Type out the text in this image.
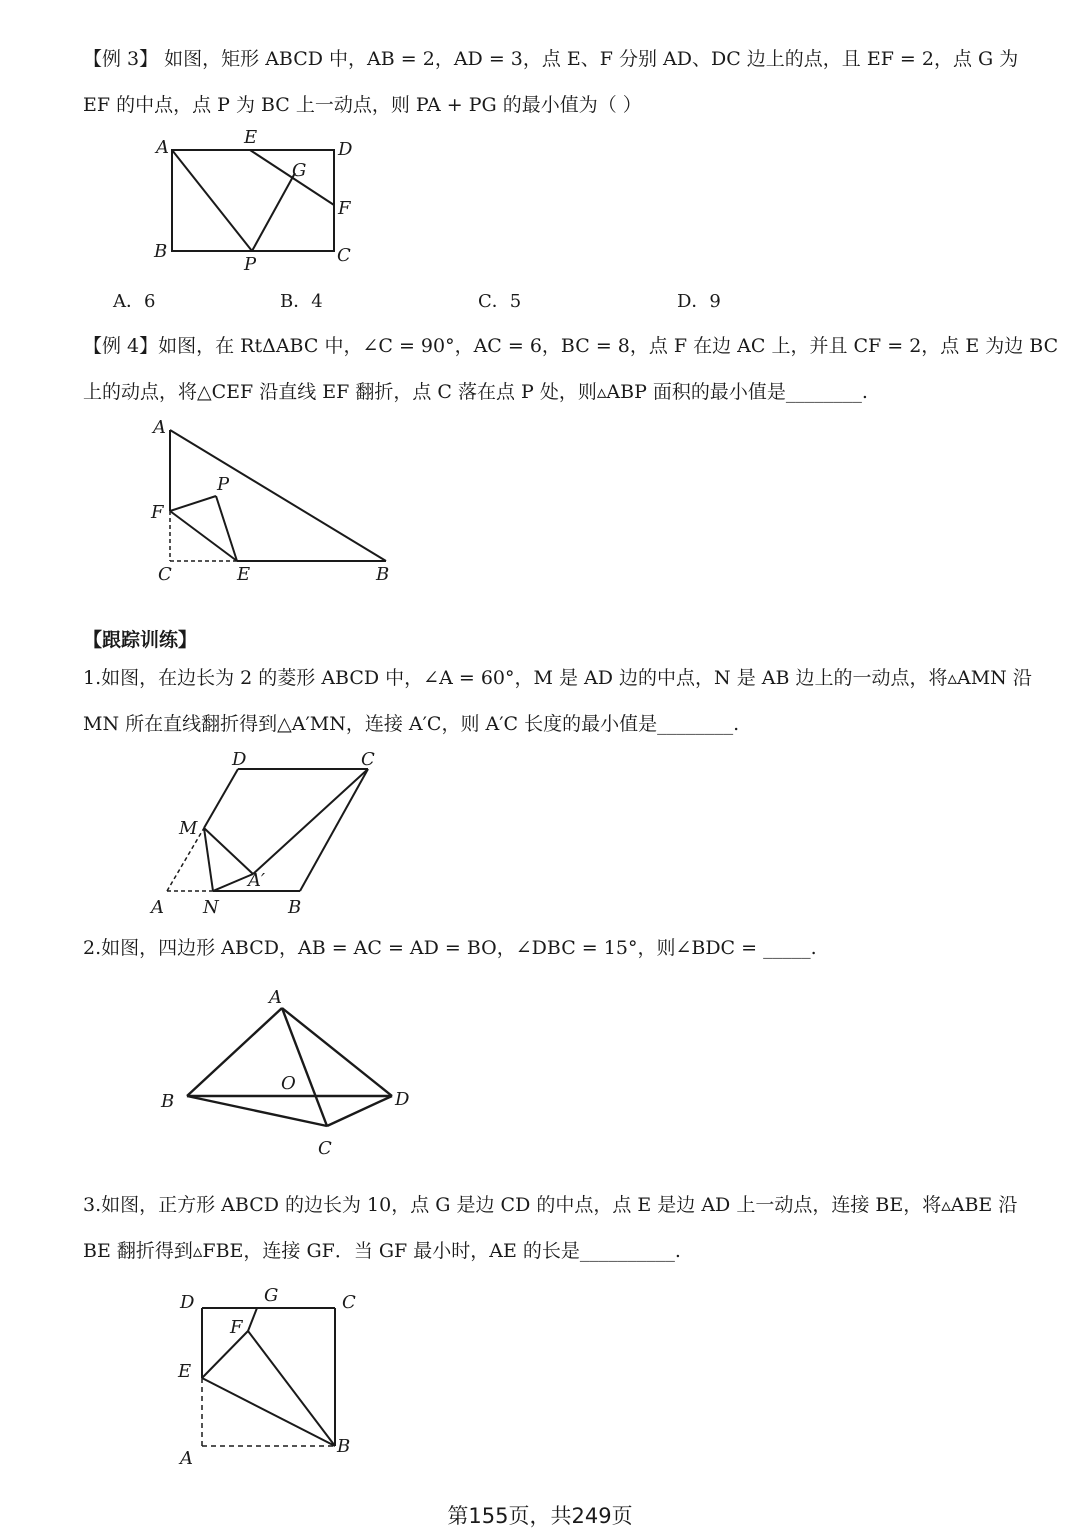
【例 3】 如图，矩形 ABCD 中，AB = 2，AD = 3，点 E、F 分别 AD、DC 边上的点，且 EF = 2，点 G 为
EF 的中点，点 P 为 BC 上一动点，则 PA + PG 的最小值为（ ）
A	E
D
G
F
B
P	C
A．6	B．4	C．5	D．9
【例 4】如图，在 RtΔABC 中，∠C = 90°，AC = 6，BC = 8，点 F 在边 AC 上，并且 CF = 2，点 E 为边 BC
上的动点，将△CEF 沿直线 EF 翻折，点 C 落在点 P 处，则▵ABP 面积的最小值是________.
A
P
F
C	E	B
【跟踪训练】
1.如图，在边长为 2 的菱形 ABCD 中，∠A = 60°，M 是 AD 边的中点，N 是 AB 边上的一动点，将▵AMN 沿
MN 所在直线翻折得到△A′MN，连接 A′C，则 A′C 长度的最小值是________.
D	C
M
A′
A N	B
2.如图，四边形 ABCD，AB = AC = AD = BO，∠DBC = 15°，则∠BDC = _____.
A
B
O
D
C
3.如图，正方形 ABCD 的边长为 10，点 G 是边 CD 的中点，点 E 是边 AD 上一动点，连接 BE，将▵ABE 沿
BE 翻折得到▵FBE，连接 GF．当 GF 最小时，AE 的长是__________.
D	G	C
F
E
B
A
第155页，共249页
